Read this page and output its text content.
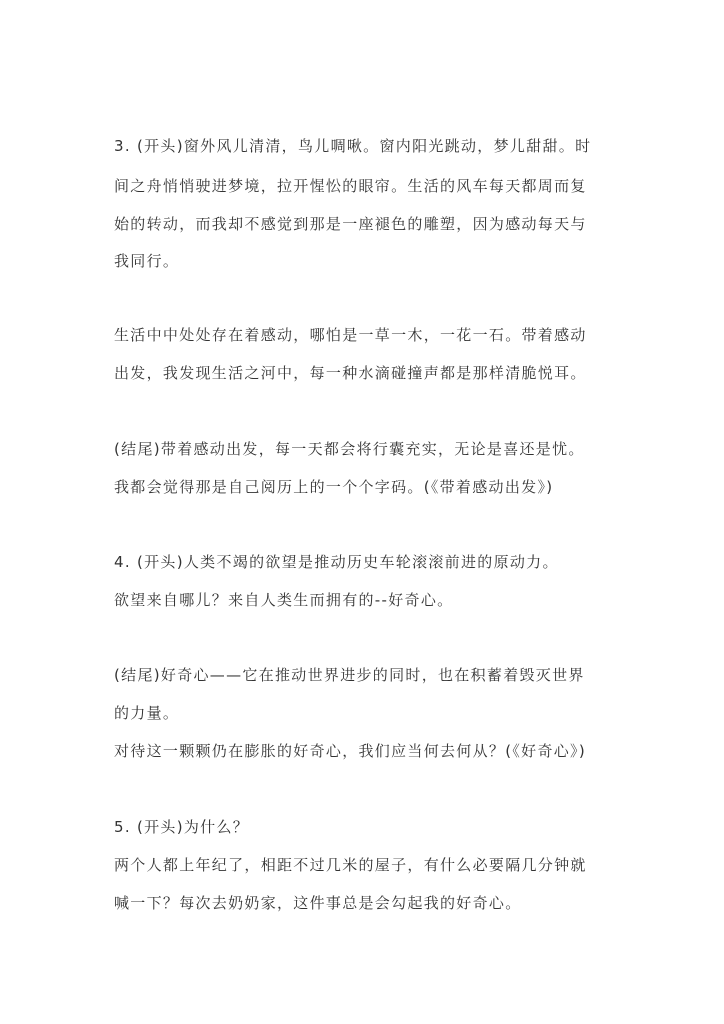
3. (开头)窗外风儿清清，鸟儿啁啾。窗内阳光跳动，梦儿甜甜。时
间之舟悄悄驶进梦境，拉开惺忪的眼帘。生活的风车每天都周而复
始的转动，而我却不感觉到那是一座褪色的雕塑，因为感动每天与
我同行。
生活中中处处存在着感动，哪怕是一草一木，一花一石。带着感动
出发，我发现生活之河中，每一种水滴碰撞声都是那样清脆悦耳。
(结尾)带着感动出发，每一天都会将行囊充实，无论是喜还是忧。
我都会觉得那是自己阅历上的一个个字码。(《带着感动出发》)
4. (开头)人类不竭的欲望是推动历史车轮滚滚前进的原动力。
欲望来自哪儿？来自人类生而拥有的--好奇心。
(结尾)好奇心——它在推动世界进步的同时，也在积蓄着毁灭世界
的力量。
对待这一颗颗仍在膨胀的好奇心，我们应当何去何从？(《好奇心》)
5. (开头)为什么？
两个人都上年纪了，相距不过几米的屋子，有什么必要隔几分钟就
喊一下？每次去奶奶家，这件事总是会勾起我的好奇心。
